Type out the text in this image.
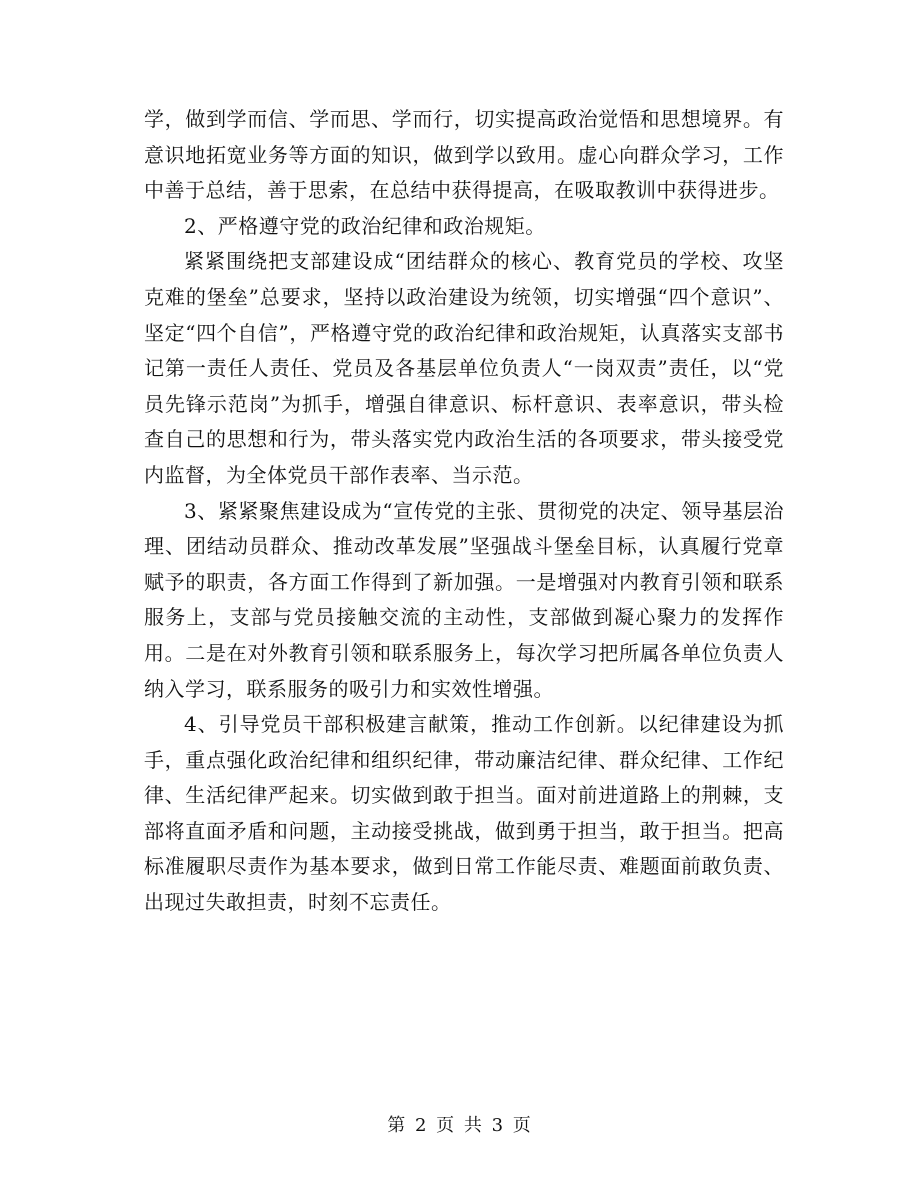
学，做到学而信、学而思、学而行，切实提高政治觉悟和思想境界。有意识地拓宽业务等方面的知识，做到学以致用。虚心向群众学习，工作中善于总结，善于思索，在总结中获得提高，在吸取教训中获得进步。

2、严格遵守党的政治纪律和政治规矩。

紧紧围绕把支部建设成“团结群众的核心、教育党员的学校、攻坚克难的堡垒”总要求，坚持以政治建设为统领，切实增强“四个意识”、坚定“四个自信”，严格遵守党的政治纪律和政治规矩，认真落实支部书记第一责任人责任、党员及各基层单位负责人“一岗双责”责任，以“党员先锋示范岗”为抓手，增强自律意识、标杆意识、表率意识，带头检查自己的思想和行为，带头落实党内政治生活的各项要求，带头接受党内监督，为全体党员干部作表率、当示范。

3、紧紧聚焦建设成为“宣传党的主张、贯彻党的决定、领导基层治理、团结动员群众、推动改革发展”坚强战斗堡垒目标，认真履行党章赋予的职责，各方面工作得到了新加强。一是增强对内教育引领和联系服务上，支部与党员接触交流的主动性，支部做到凝心聚力的发挥作用。二是在对外教育引领和联系服务上，每次学习把所属各单位负责人纳入学习，联系服务的吸引力和实效性增强。

4、引导党员干部积极建言献策，推动工作创新。以纪律建设为抓手，重点强化政治纪律和组织纪律，带动廉洁纪律、群众纪律、工作纪律、生活纪律严起来。切实做到敢于担当。面对前进道路上的荆棘，支部将直面矛盾和问题，主动接受挑战，做到勇于担当，敢于担当。把高标准履职尽责作为基本要求，做到日常工作能尽责、难题面前敢负责、出现过失敢担责，时刻不忘责任。

第 2 页 共 3 页
